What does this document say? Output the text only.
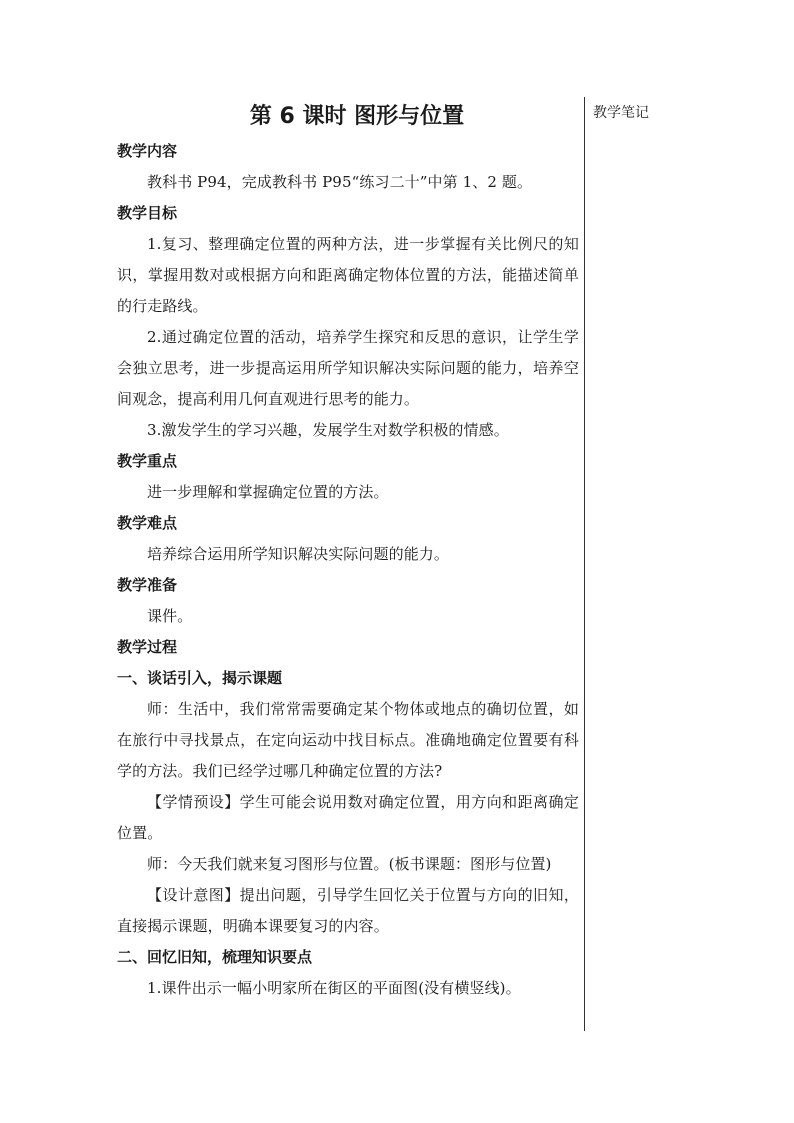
教学笔记
第 6 课时 图形与位置
教学内容
教科书 P94，完成教科书 P95“练习二十”中第 1、2 题。
教学目标
1.复习、整理确定位置的两种方法，进一步掌握有关比例尺的知识，掌握用数对或根据方向和距离确定物体位置的方法，能描述简单的行走路线。
2.通过确定位置的活动，培养学生探究和反思的意识，让学生学会独立思考，进一步提高运用所学知识解决实际问题的能力，培养空间观念，提高利用几何直观进行思考的能力。
3.激发学生的学习兴趣，发展学生对数学积极的情感。
教学重点
进一步理解和掌握确定位置的方法。
教学难点
培养综合运用所学知识解决实际问题的能力。
教学准备
课件。
教学过程
一、谈话引入，揭示课题
师：生活中，我们常常需要确定某个物体或地点的确切位置，如在旅行中寻找景点，在定向运动中找目标点。准确地确定位置要有科学的方法。我们已经学过哪几种确定位置的方法?
【学情预设】学生可能会说用数对确定位置，用方向和距离确定位置。
师：今天我们就来复习图形与位置。(板书课题：图形与位置)
【设计意图】提出问题，引导学生回忆关于位置与方向的旧知，直接揭示课题，明确本课要复习的内容。
二、回忆旧知，梳理知识要点
1.课件出示一幅小明家所在街区的平面图(没有横竖线)。
